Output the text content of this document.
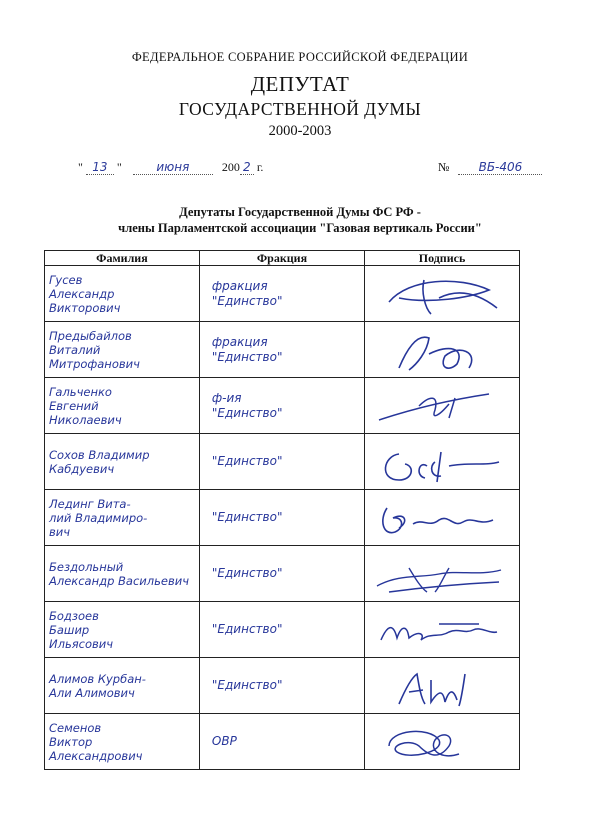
ФЕДЕРАЛЬНОЕ СОБРАНИЕ РОССИЙСКОЙ ФЕДЕРАЦИИ
ДЕПУТАТ
ГОСУДАРСТВЕННОЙ ДУМЫ
2000-2003
" 13 "	июня	200 2 г.	№ ВБ-406
Депутаты Государственной Думы ФС РФ -
члены Парламентской ассоциации "Газовая вертикаль России"
Фамилия	Фракция	Подпись

Гусев
Александр
Викторович	фракция
"Единство"

Предыбайлов
Виталий
Митрофанович	фракция
"Единство"

Гальченко
Евгений
Николаевич	ф-ия
"Единство"

Сохов Владимир
Кабдуевич	"Единство"

Лединг Вита-
лий Владимиро-
вич	"Единство"

Бездольный
Александр Васильевич	"Единство"

Бодзоев
Башир
Ильясович	"Единство"

Алимов Курбан-
Али Алимович	"Единство"

Семенов
Виктор
Александрович	ОВР
